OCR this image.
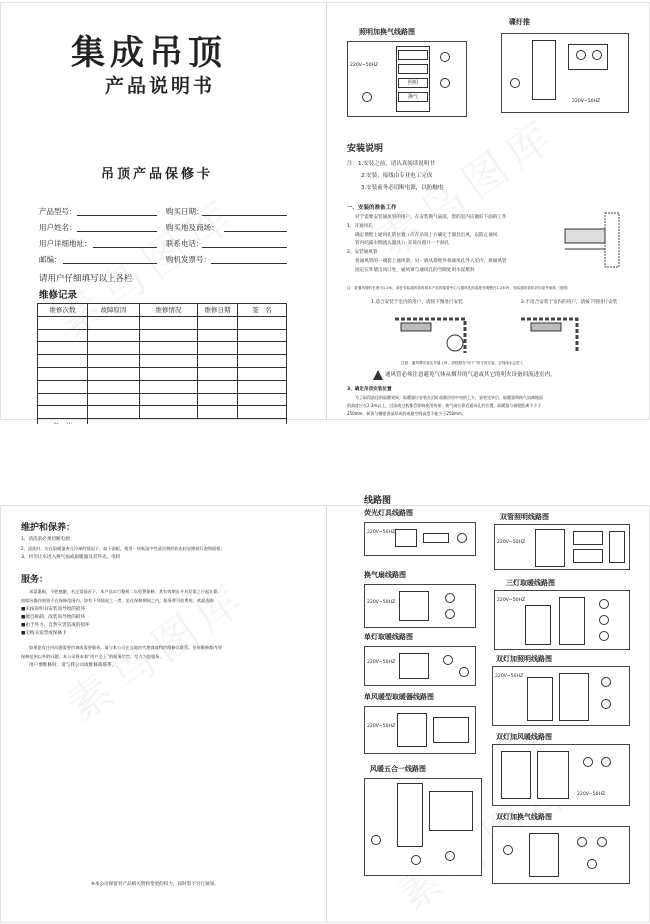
集成吊顶
产品说明书
吊顶产品保修卡
产品型号：	购买日期：
用户姓名：	购买地及商场：
用户详细地址：	联系电话：
邮编：	购机发票号：
请用户仔细填写以上各栏
维修记录
维修次数	故障原因	维修情况	维修日期	签　名

照明加换气线路图
照明
换气
220V~50HZ
碟纡推
220V~50HZ
安装说明
注：1.安装之前，请认真阅读说明书
2.安装，接线由专业电工完成
3.安装前务必切断电源，以防触电
一、安装的准备工作
对于需要安装通风管的用户，在安装换气扇前，您的室内应做好下面的工作
1、开通风孔
确定墙壁上通风孔的位置（应在吊顶上方确定于器具出风，以防止通风
管内结露水倒流入器具）；在该位置开一个洞孔
2、安装通风管
将通风管的一端套上通风罩，另一端从墙壁外将通风孔外入室内，将通风管
固定在外墙出风口处，通风罩与通风孔的空隙处用水泥堵封
注：普通风管的长度为1.2米，请在安装通风管时将本产品的接管中心与通风孔的高度差调整在1.2米内，安装通风管时应向室外倾斜（见图）
1.适合安装于室内的用户，请按下图进行安装	2.不适合安装于室内的用户，请按下图进行安装
注意：通风罩安装在外墙上时，请按照在“向下”的方向安装，否则雨水会进入
通风管必须注意避免气体从烟井的气道或其它的明火设备回流进室内。
3、确定吊顶安装位置
为了取得最佳的取暖效果，取暖器应安装在浴缸或淋浴房中央的上方，安装完毕后，取暖器和换气扇离地面
的高度应在2.3m以上，过高或过低都会影响使用效果；换气扇应靠近通风孔的位置，取暖器与墙壁距离不少于
250mm，析顶与侧壁顶部形成的或最空间高度不能少于250mm。
维护和保养：
1、清洗前必须切断电源；
2、清洗时，应在取暖器充分冷却的情况下，取下面板，使用一块吸湿中性清洁剂的软布轻轻擦拭灯泡和面板；
3、切勿让水进入换气扇或取暖器及其外壳，电机
服务：
承蒙惠顾，不胜感激，若正常情况下，本产品实行整机二年免费保修，其有效期自开具发票之日起计算。
扣除因操作损毁不在保修范围内，如有下列情况之一者，虽在保修期间之内，服务费另收费用，欢迎选购
■未按说明书安装而导致的损坏
■擅自拆卸、改装而导致的损坏
■由于外力、自然灾害造成的损坏
■无购买发票或保修卡
如果您有任何问题需要咨询或需要服务，请与本公司在当地的代理商或特约维修点联系。任何维修都内须
保修范围以外的问题，本公司将本着“用户至上”的服务宗旨，尽力为您服务。
用户要维修时，请与我公司或维修商联系。
※本公司保留对产品相关资料变更的权力，届时恕不另行通知。
线路图
荧光灯具线路图
220V~50HZ
双管照明线路图
220V~50HZ
换气扇线路图
220V~50HZ
三灯取暖线路图
220V~50HZ
单灯取暖线路图
220V~50HZ	双灯加照明线路图
220V~50HZ
单风暖型取暖器线路图
220V~50HZ
双灯加风暖线路图
220V~50HZ
风暖五合一线路图
双灯加换气线路图
